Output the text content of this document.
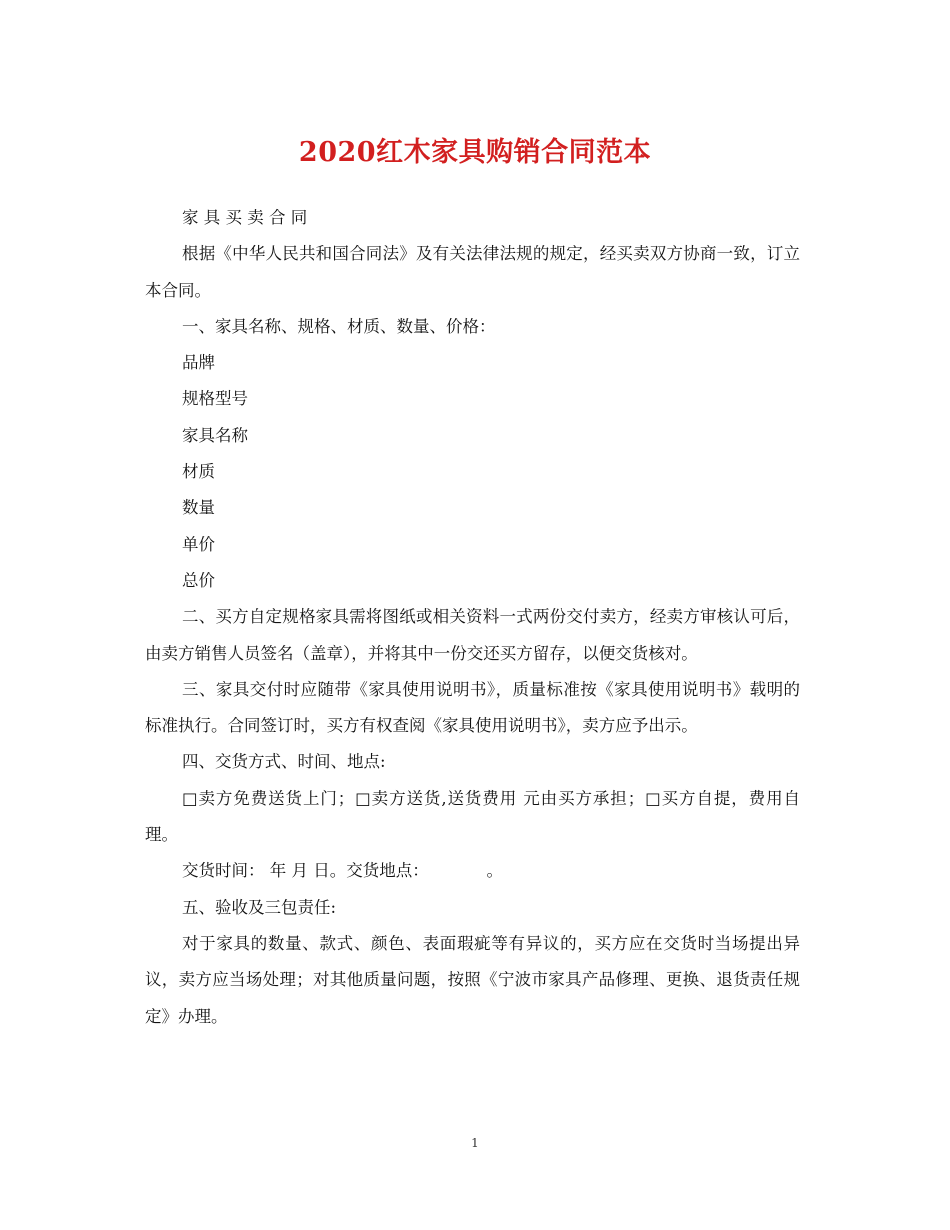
2020红木家具购销合同范本

家 具 买 卖 合 同

根据《中华人民共和国合同法》及有关法律法规的规定，经买卖双方协商一致，订立本合同。

一、家具名称、规格、材质、数量、价格：

品牌

规格型号

家具名称

材质

数量

单价

总价

二、买方自定规格家具需将图纸或相关资料一式两份交付卖方，经卖方审核认可后，由卖方销售人员签名（盖章），并将其中一份交还买方留存，以便交货核对。

三、家具交付时应随带《家具使用说明书》，质量标准按《家具使用说明书》载明的标准执行。合同签订时，买方有权查阅《家具使用说明书》，卖方应予出示。

四、交货方式、时间、地点:

□卖方免费送货上门；□卖方送货,送货费用 元由买方承担；□买方自提，费用自理。

交货时间： 年 月 日。交货地点：　　　　。

五、验收及三包责任:

对于家具的数量、款式、颜色、表面瑕疵等有异议的，买方应在交货时当场提出异议，卖方应当场处理；对其他质量问题，按照《宁波市家具产品修理、更换、退货责任规定》办理。

1
